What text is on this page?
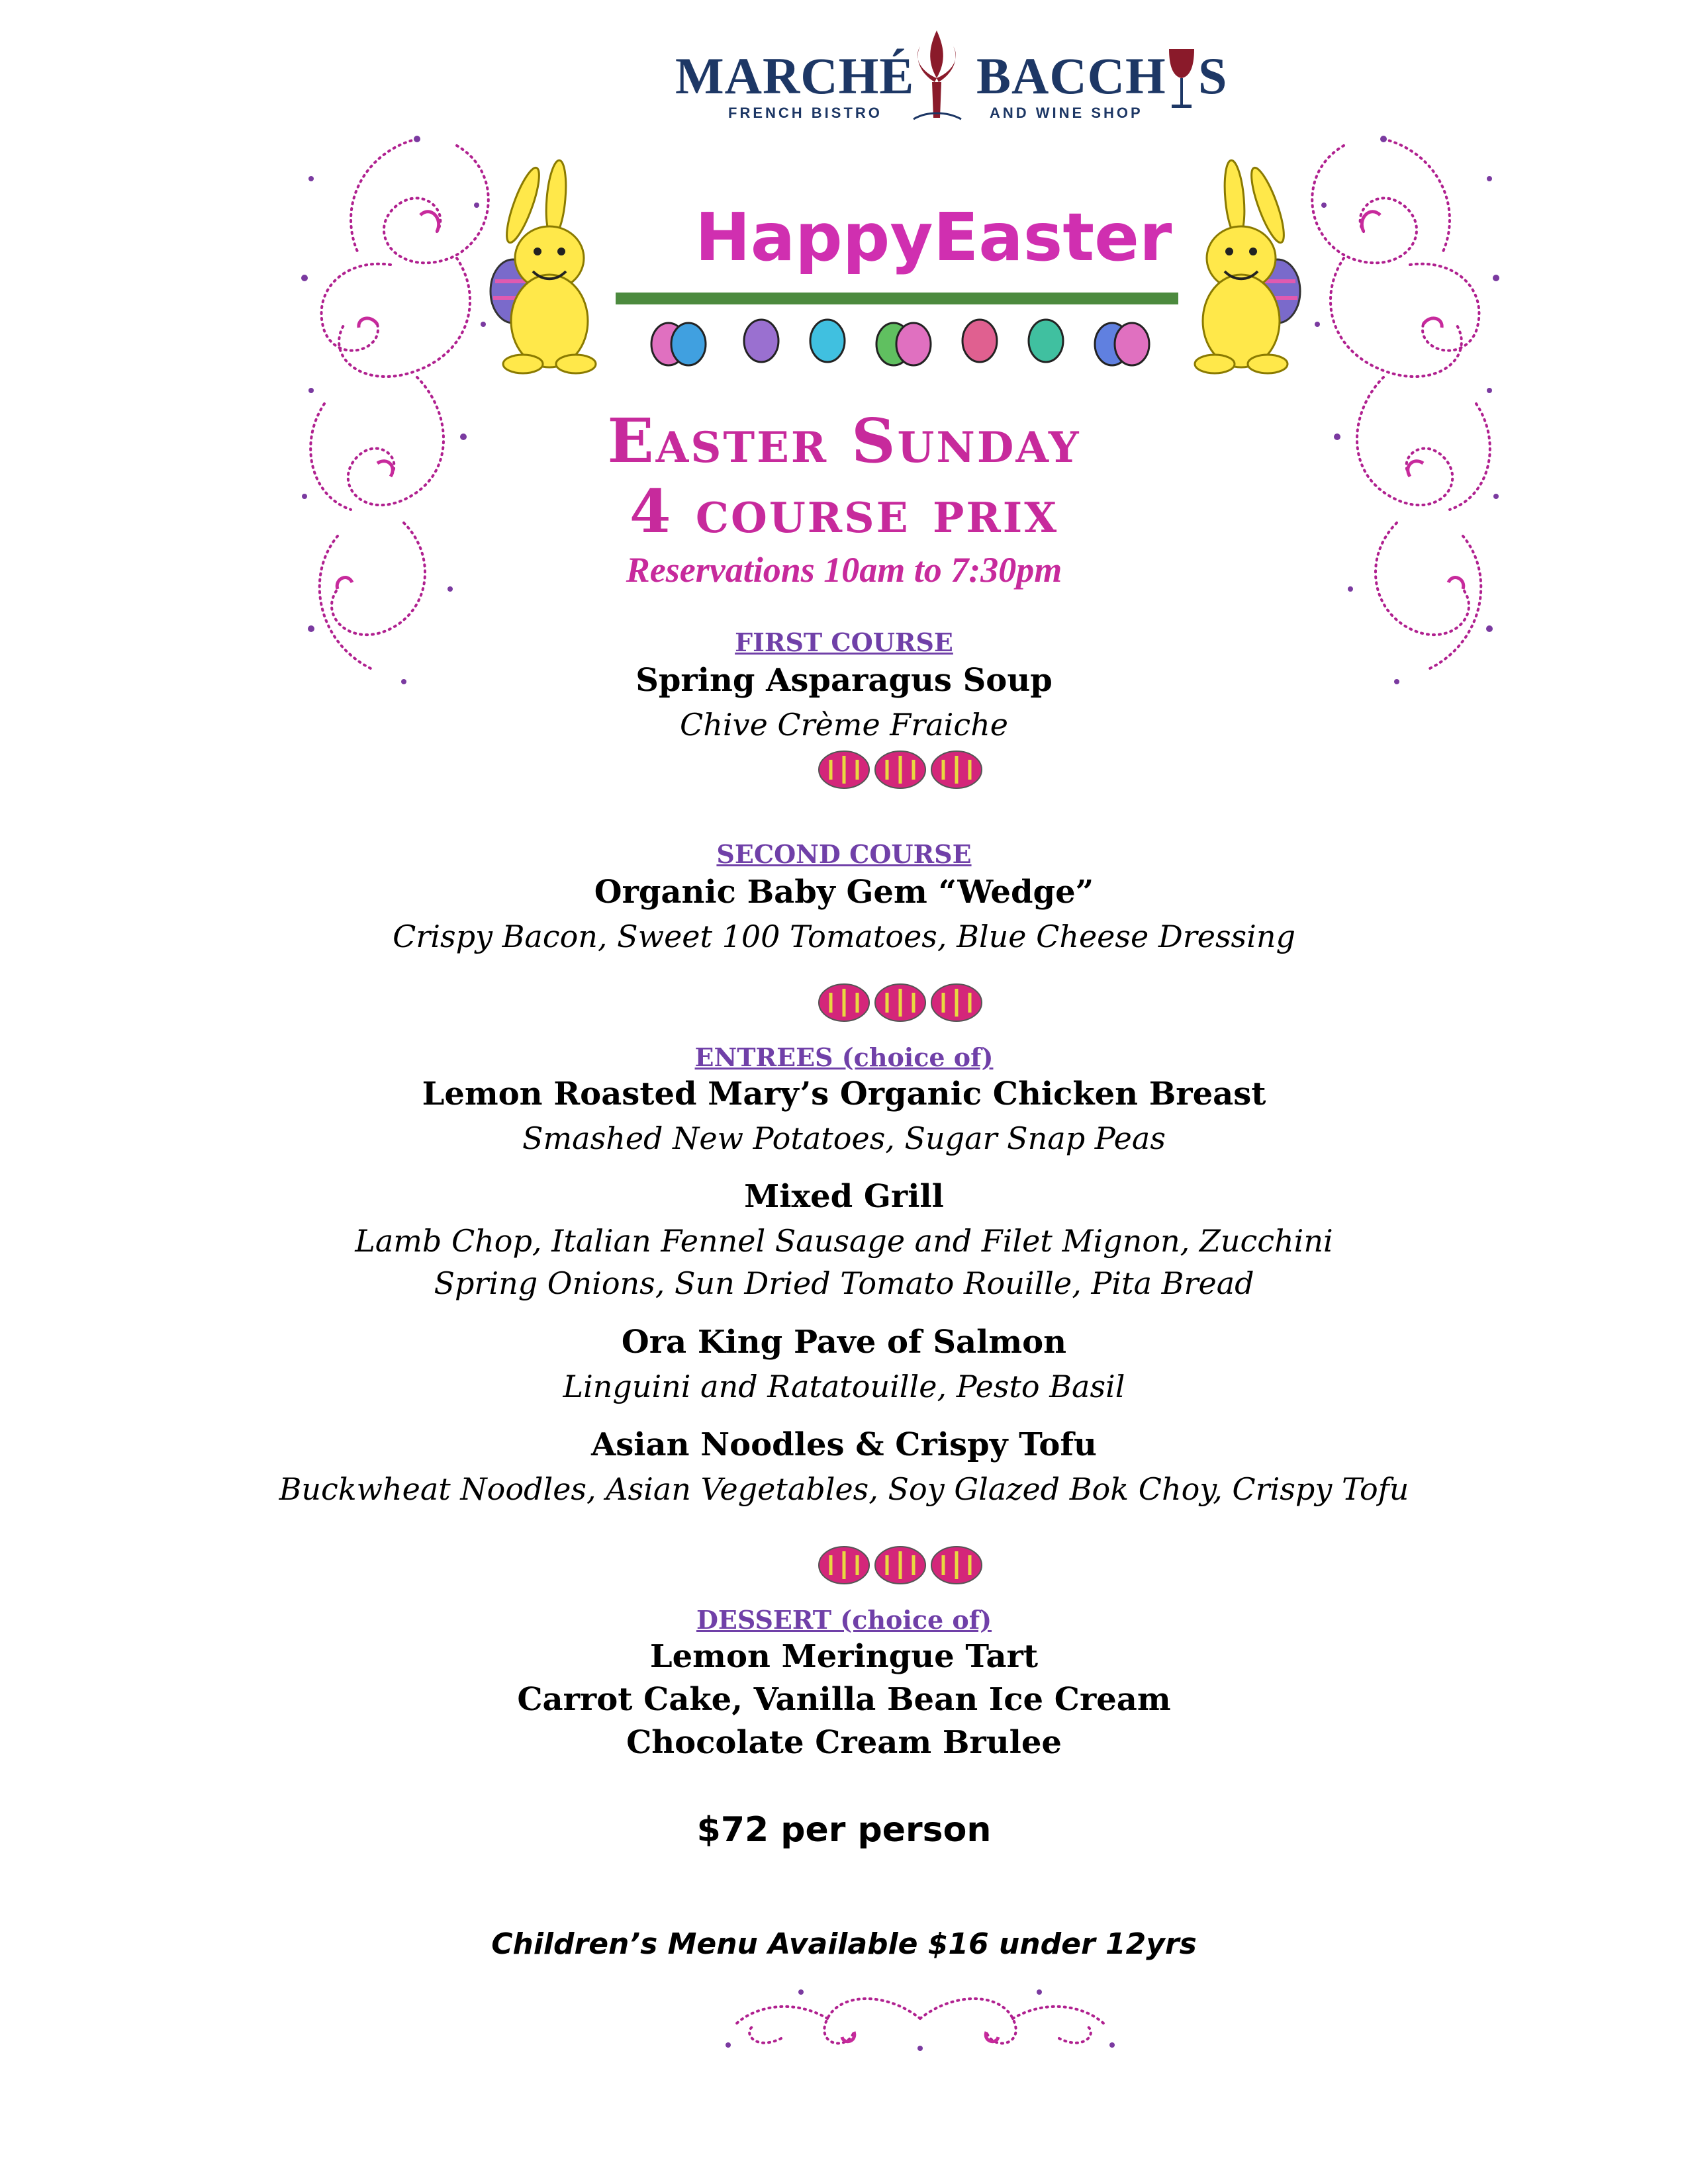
MARCHÉ BACCH S
FRENCH BISTRO	AND WINE SHOP
Happy Easter
Easter Sunday
4 course prix
Reservations 10am to 7:30pm
FIRST COURSE
Spring Asparagus Soup
Chive Crème Fraiche
SECOND COURSE
Organic Baby Gem “Wedge”
Crispy Bacon, Sweet 100 Tomatoes, Blue Cheese Dressing
ENTREES (choice of)
Lemon Roasted Mary’s Organic Chicken Breast
Smashed New Potatoes, Sugar Snap Peas
Mixed Grill
Lamb Chop, Italian Fennel Sausage and Filet Mignon, Zucchini
Spring Onions, Sun Dried Tomato Rouille, Pita Bread
Ora King Pave of Salmon
Linguini and Ratatouille, Pesto Basil
Asian Noodles & Crispy Tofu
Buckwheat Noodles, Asian Vegetables, Soy Glazed Bok Choy, Crispy Tofu
DESSERT (choice of)
Lemon Meringue Tart
Carrot Cake, Vanilla Bean Ice Cream
Chocolate Cream Brulee
$72 per person
Children’s Menu Available $16 under 12yrs
